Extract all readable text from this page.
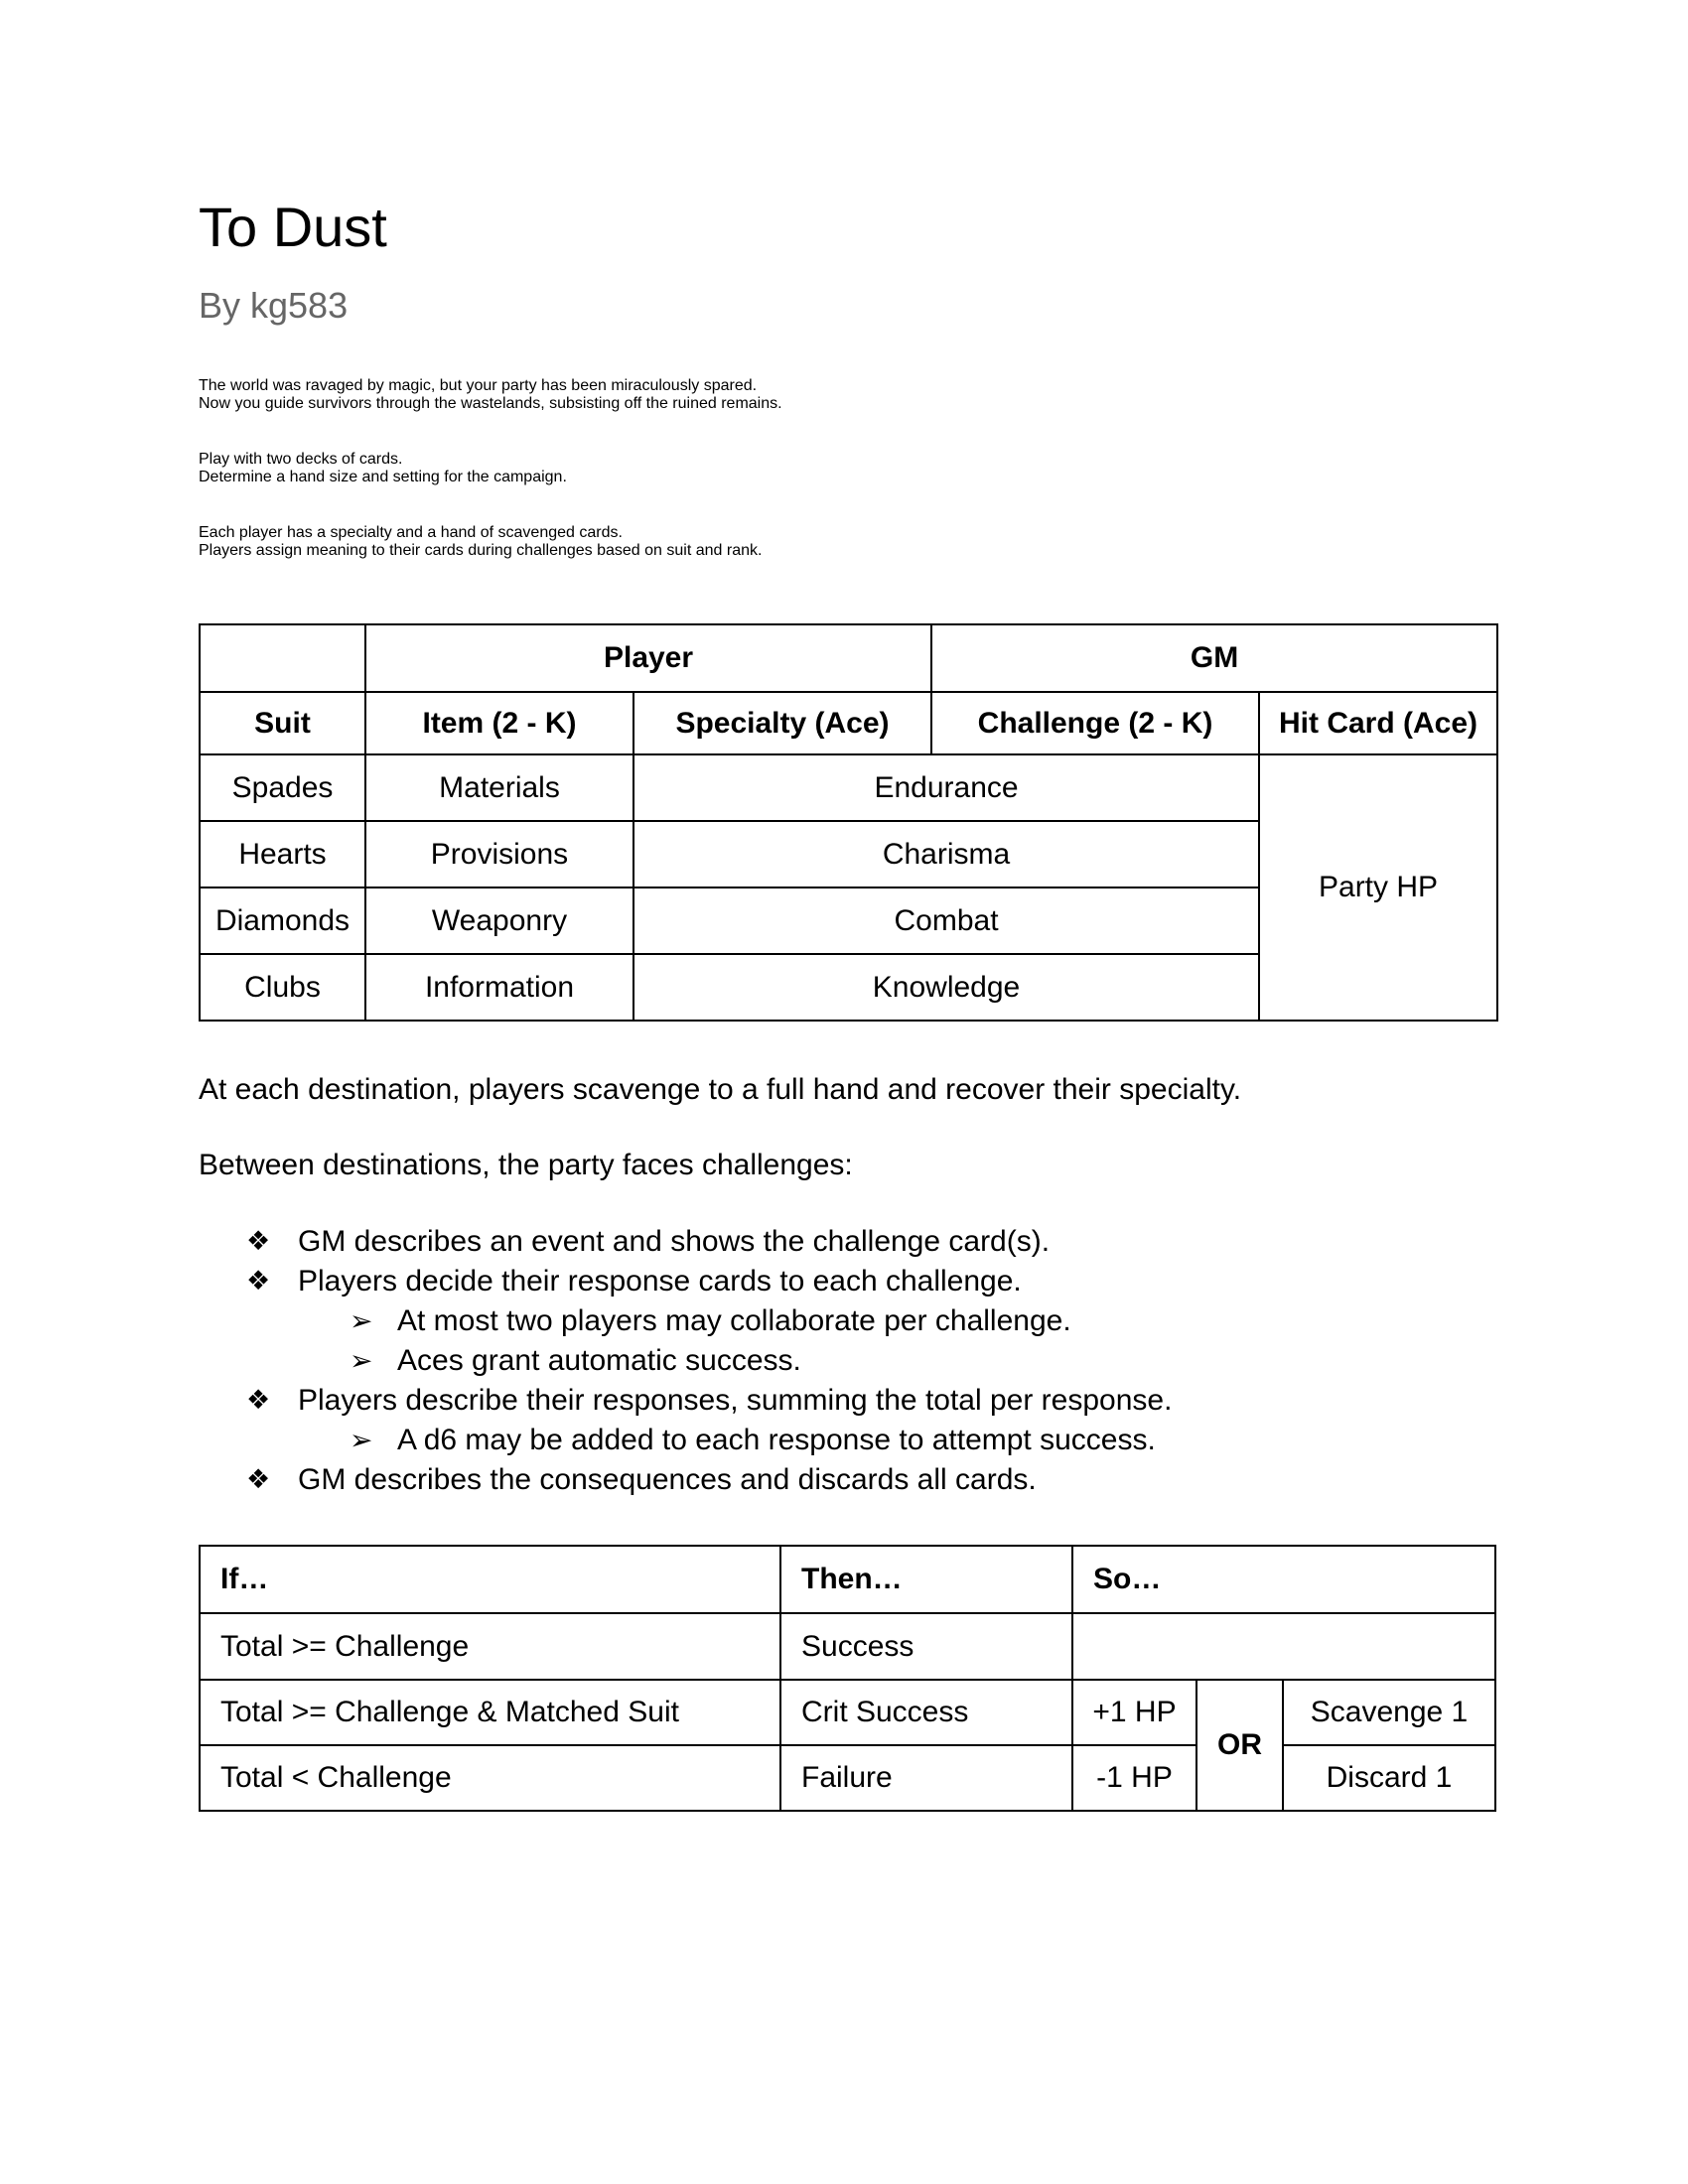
To Dust
By kg583

The world was ravaged by magic, but your party has been miraculously spared.
Now you guide survivors through the wastelands, subsisting off the ruined remains.

Play with two decks of cards.
Determine a hand size and setting for the campaign.

Each player has a specialty and a hand of scavenged cards.
Players assign meaning to their cards during challenges based on suit and rank.

	Player		GM	
Suit	Item (2 - K)	Specialty (Ace)	Challenge (2 - K)	Hit Card (Ace)
Spades	Materials	Endurance		Party HP
Hearts	Provisions	Charisma		
Diamonds	Weaponry	Combat		
Clubs	Information	Knowledge		

At each destination, players scavenge to a full hand and recover their specialty.

Between destinations, the party faces challenges:

❖ GM describes an event and shows the challenge card(s).
❖ Players decide their response cards to each challenge.
➢ At most two players may collaborate per challenge.
➢ Aces grant automatic success.
❖ Players describe their responses, summing the total per response.
➢ A d6 may be added to each response to attempt success.
❖ GM describes the consequences and discards all cards.
If…	Then…	So…		
Total >= Challenge	Success			
Total >= Challenge & Matched Suit	Crit Success	+1 HP	OR	Scavenge 1
Total < Challenge	Failure	-1 HP		Discard 1
